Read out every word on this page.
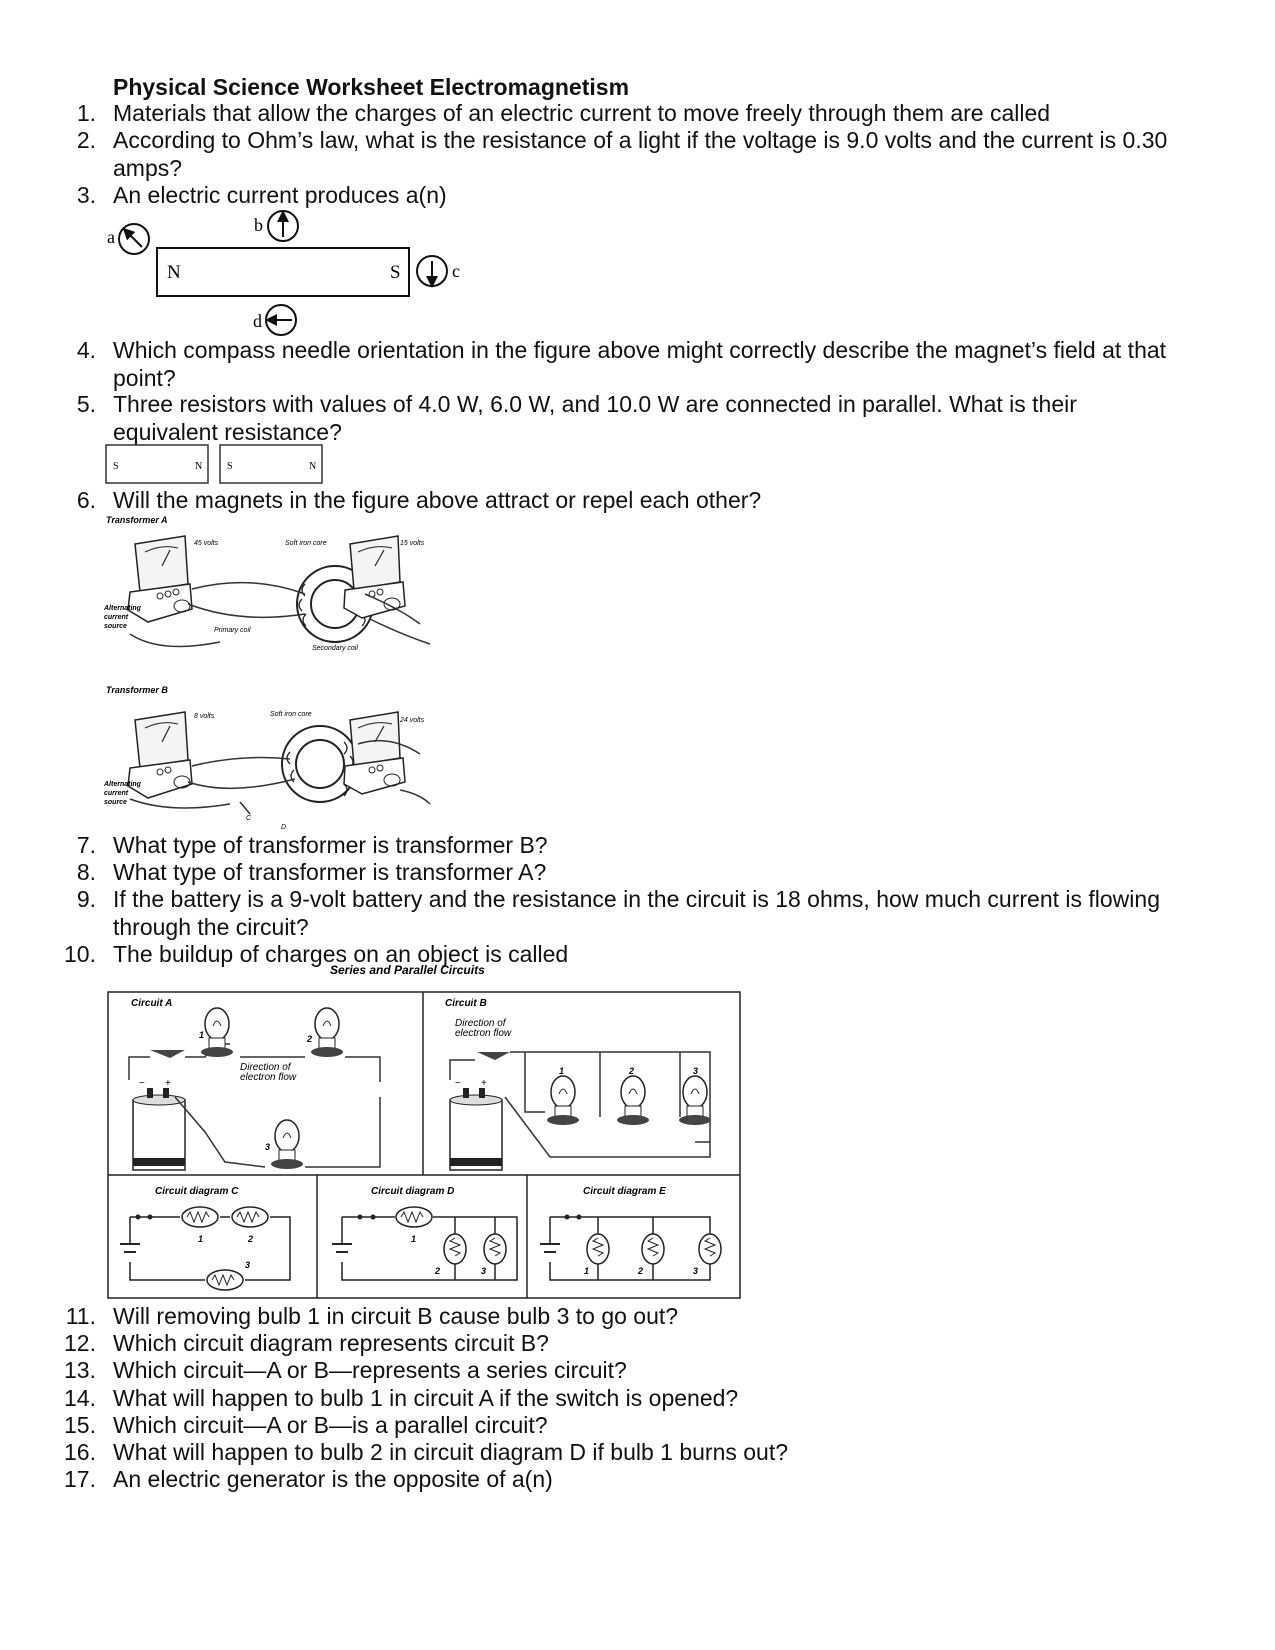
Physical Science Worksheet Electromagnetism
1. Materials that allow the charges of an electric current to move freely through them are called
2. According to Ohm’s law, what is the resistance of a light if the voltage is 9.0 volts and the current is 0.30 amps?
3. An electric current produces a(n)
a
b
N	S	c
d
4. Which compass needle orientation in the figure above might correctly describe the magnet’s field at that point?
5. Three resistors with values of 4.0 W, 6.0 W, and 10.0 W are connected in parallel. What is their equivalent resistance?
S	N S	N
6. Will the magnets in the figure above attract or repel each other?
Transformer A
45 volts	Soft iron core	15 volts
Alternating
current
source
Primary coil
Secondary coil
Transformer B
8 volts	Soft iron core
24 volts
Alternating
current
source
C
D
7. What type of transformer is transformer B?
8. What type of transformer is transformer A?
9. If the battery is a 9-volt battery and the resistance in the circuit is 18 ohms, how much current is flowing through the circuit?
10. The buildup of charges on an object is called
Series and Parallel Circuits
Circuit A
− +
1	2
3
Direction of
electron flow
Circuit B
Direction of
electron flow
− +
1	2	3
Circuit diagram C
1	2
3
Circuit diagram D
1
2	3
Circuit diagram E
1	2	3
11. Will removing bulb 1 in circuit B cause bulb 3 to go out?
12. Which circuit diagram represents circuit B?
13. Which circuit—A or B—represents a series circuit?
14. What will happen to bulb 1 in circuit A if the switch is opened?
15. Which circuit—A or B—is a parallel circuit?
16. What will happen to bulb 2 in circuit diagram D if bulb 1 burns out?
17. An electric generator is the opposite of a(n)
